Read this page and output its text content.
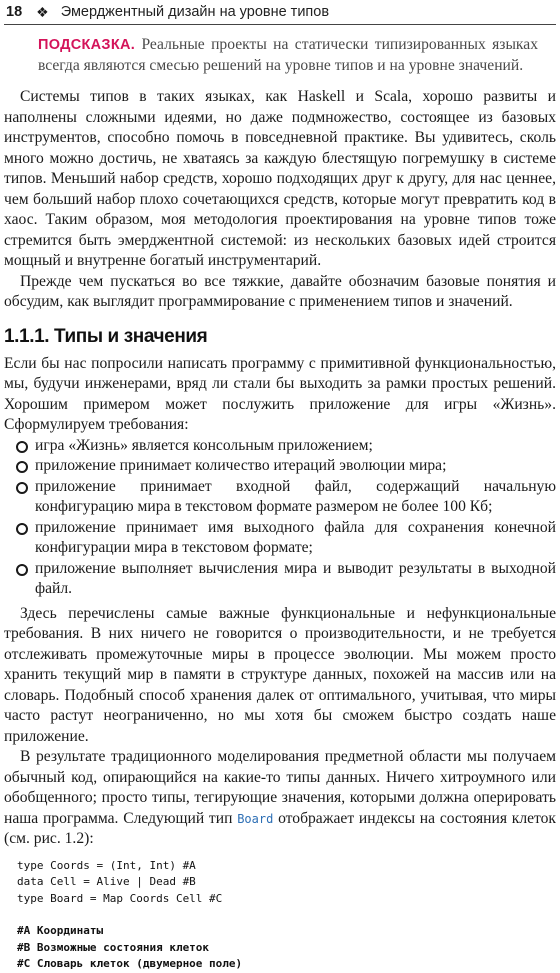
18 ❖ Эмерджентный дизайн на уровне типов
ПОДСКАЗКА. Реальные проекты на статически типизированных языках всегда являются смесью решений на уровне типов и на уровне значений.

Системы типов в таких языках, как Haskell и Scala, хорошо развиты и наполнены сложными идеями, но даже подмножество, состоящее из базовых инструментов, способно помочь в повседневной практике. Вы удивитесь, сколь много можно достичь, не хватаясь за каждую блестящую погремушку в системе типов. Меньший набор средств, хорошо подходящих друг к другу, для нас ценнее, чем больший набор плохо сочетающихся средств, которые могут превратить код в хаос. Таким образом, моя методология проектирования на уровне типов тоже стремится быть эмерджентной системой: из нескольких базовых идей строится мощный и внутренне богатый инструментарий.

Прежде чем пускаться во все тяжкие, давайте обозначим базовые понятия и обсудим, как выглядит программирование с применением типов и значений.

1.1.1. Типы и значения

Если бы нас попросили написать программу с примитивной функциональностью, мы, будучи инженерами, вряд ли стали бы выходить за рамки простых решений. Хорошим примером может послужить приложение для игры «Жизнь». Сформулируем требования:

игра «Жизнь» является консольным приложением;
приложение принимает количество итераций эволюции мира;
приложение принимает входной файл, содержащий начальную конфигурацию мира в текстовом формате размером не более 100 Кб;
приложение принимает имя выходного файла для сохранения конечной конфигурации мира в текстовом формате;
приложение выполняет вычисления мира и выводит результаты в выходной файл.

Здесь перечислены самые важные функциональные и нефункциональные требования. В них ничего не говорится о производительности, и не требуется отслеживать промежуточные миры в процессе эволюции. Мы можем просто хранить текущий мир в памяти в структуре данных, похожей на массив или на словарь. Подобный способ хранения далек от оптимального, учитывая, что миры часто растут неограниченно, но мы хотя бы сможем быстро создать наше приложение.

В результате традиционного моделирования предметной области мы получаем обычный код, опирающийся на какие-то типы данных. Ничего хитроумного или обобщенного; просто типы, тегирующие значения, которыми должна оперировать наша программа. Следующий тип Board отображает индексы на состояния клеток (см. рис. 1.2):

type Coords = (Int, Int) #A
data Cell = Alive | Dead #B
type Board = Map Coords Cell #C
#A Координаты
#B Возможные состояния клеток
#C Словарь клеток (двумерное поле)
